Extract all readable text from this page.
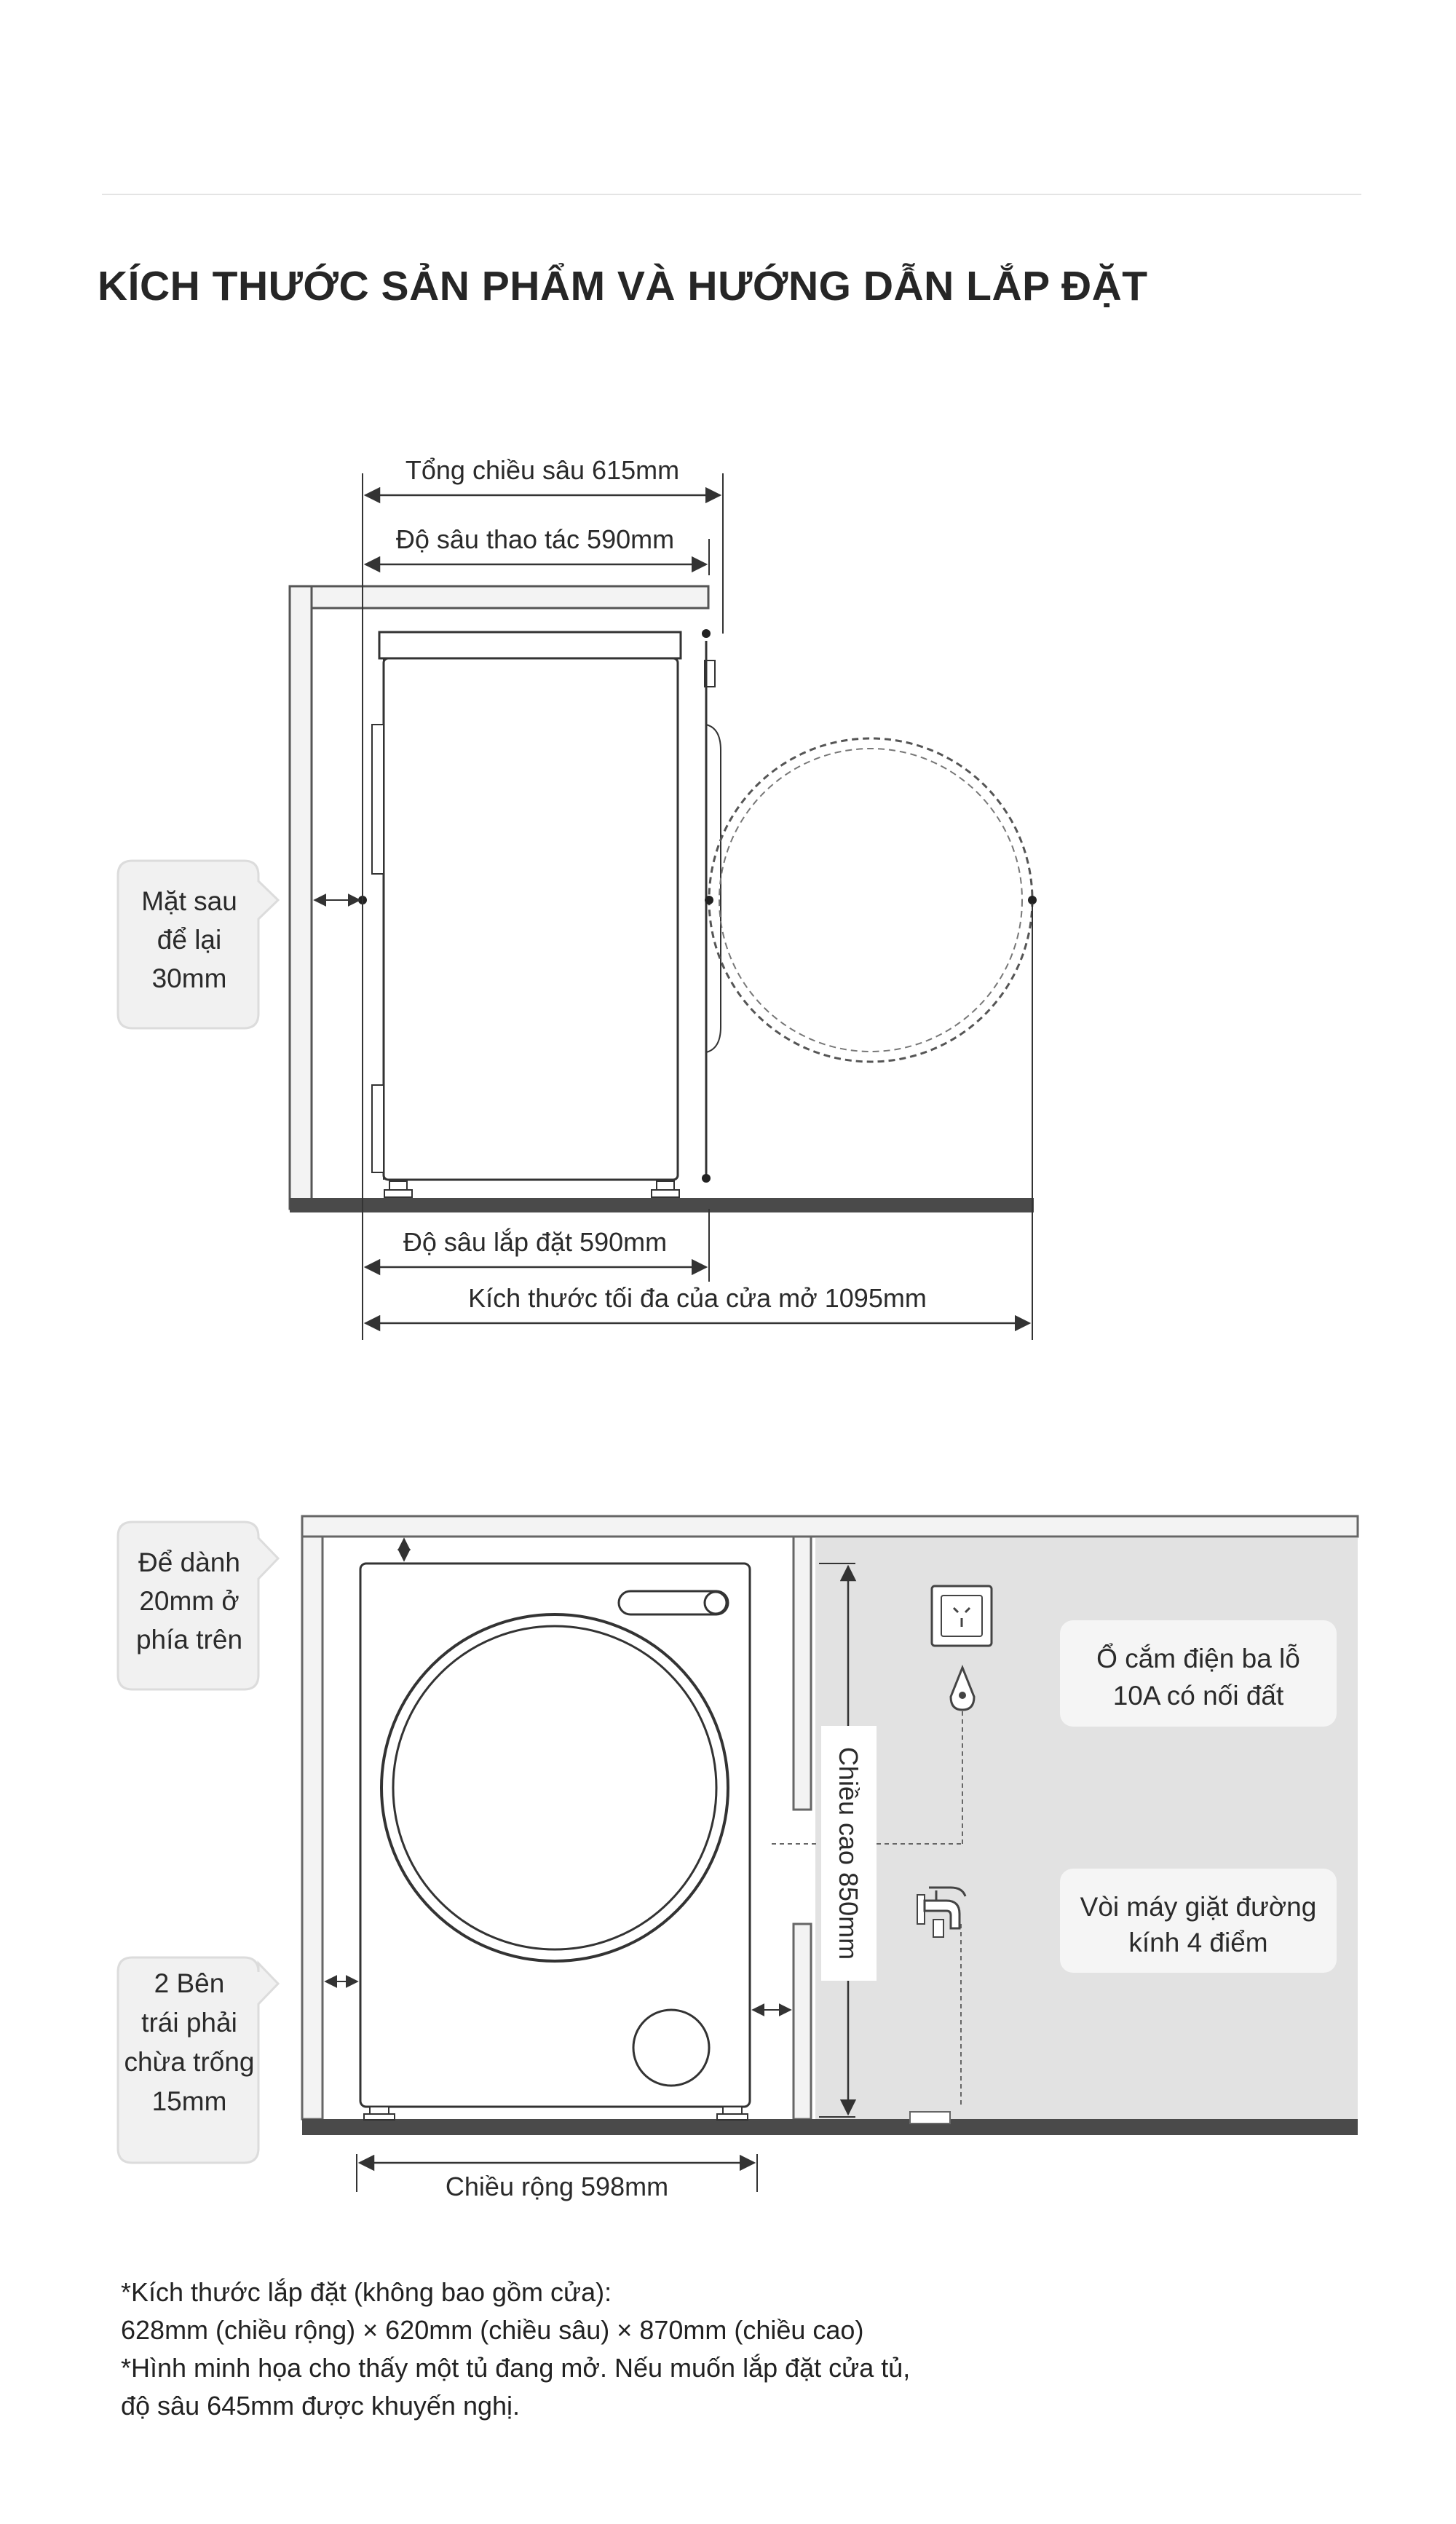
KÍCH THƯỚC SẢN PHẨM VÀ HƯỚNG DẪN LẮP ĐẶT
Tổng chiều sâu 615mm
Độ sâu thao tác 590mm
Độ sâu lắp đặt 590mm
Kích thước tối đa của cửa mở 1095mm
Mặt sau
để lại
30mm
Chiều rộng 598mm
Chiều cao 850mm
Để dành
20mm ở
phía trên
2 Bên
trái phải
chừa trống
15mm
Ổ cắm điện ba lỗ
10A có nối đất
Vòi máy giặt đường
kính 4 điểm
*Kích thước lắp đặt (không bao gồm cửa):
628mm (chiều rộng) × 620mm (chiều sâu) × 870mm (chiều cao)
*Hình minh họa cho thấy một tủ đang mở. Nếu muốn lắp đặt cửa tủ,
độ sâu 645mm được khuyến nghị.
